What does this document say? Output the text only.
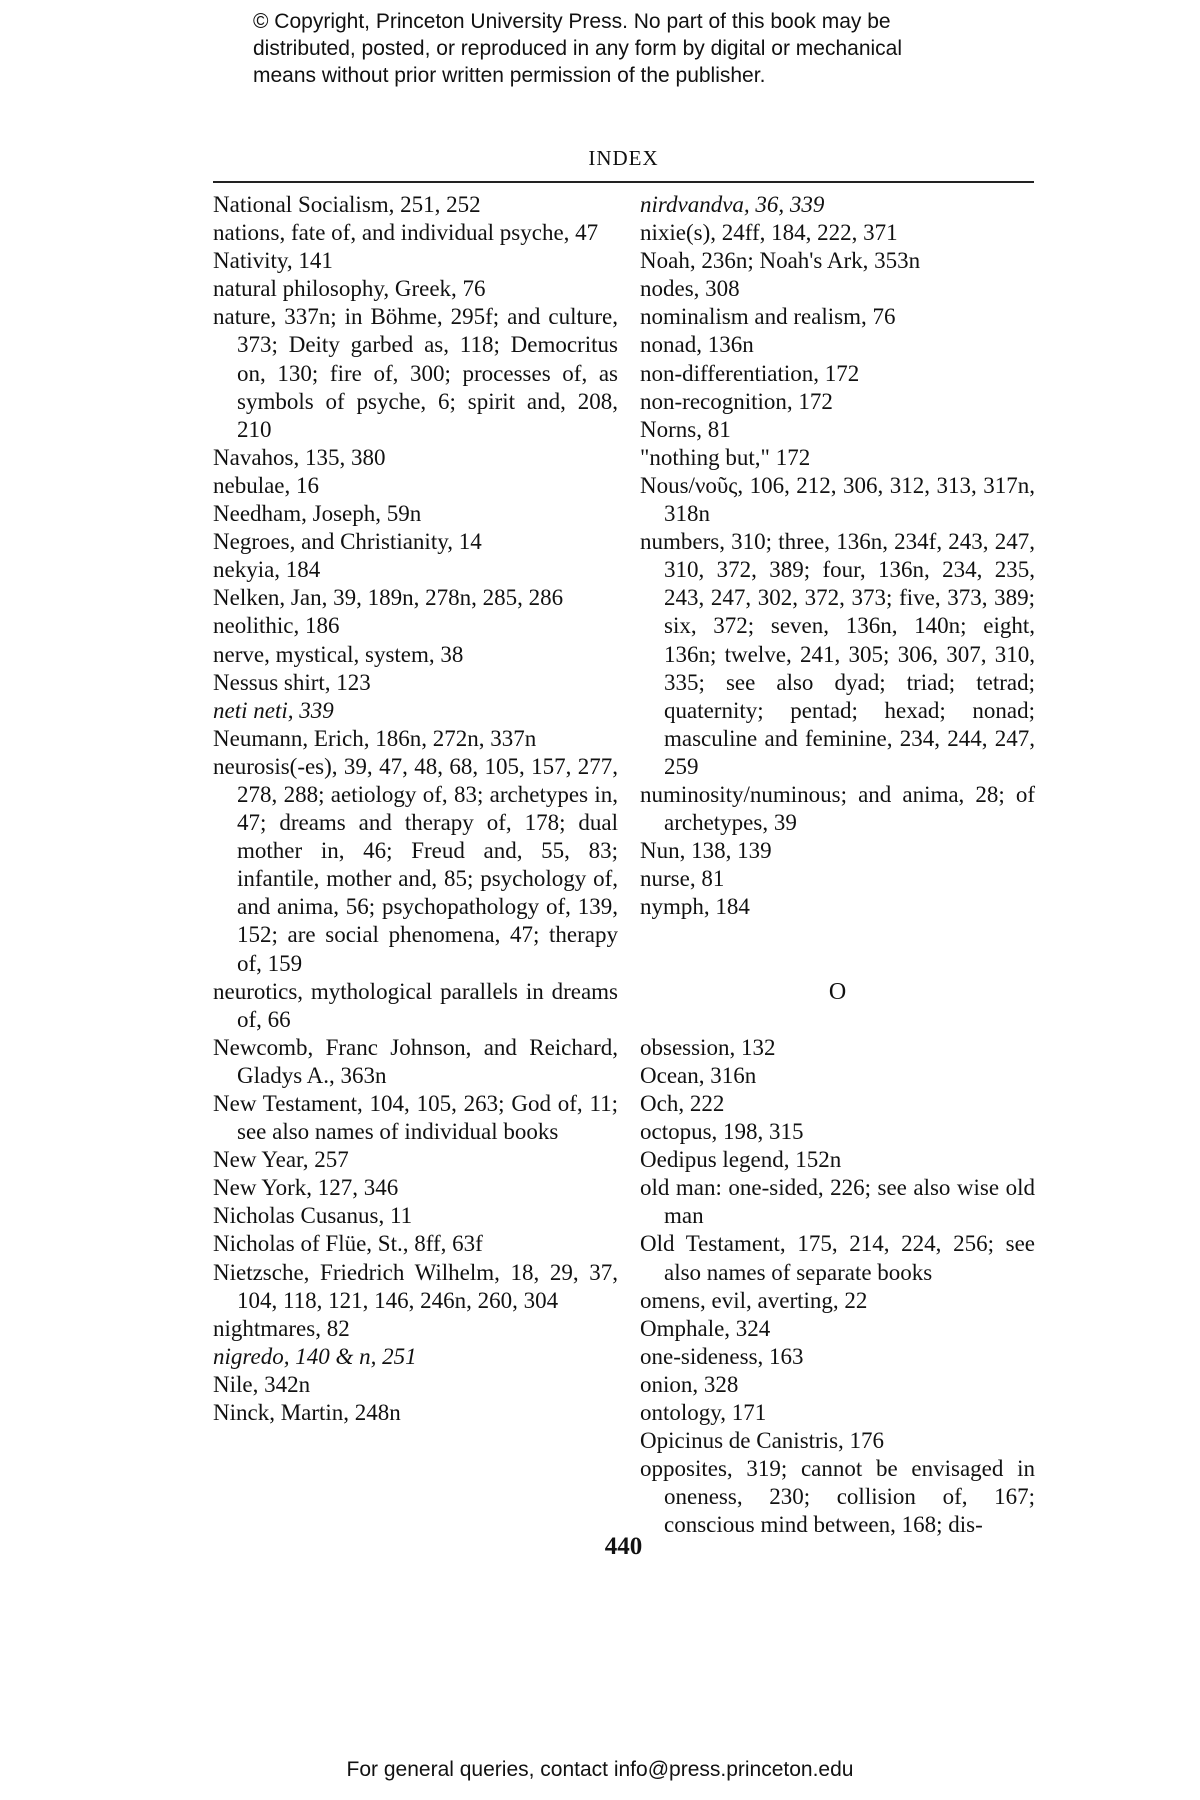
© Copyright, Princeton University Press. No part of this book may be
distributed, posted, or reproduced in any form by digital or mechanical
means without prior written permission of the publisher.
INDEX
National Socialism, 251, 252
nations, fate of, and individual psyche, 47
Nativity, 141
natural philosophy, Greek, 76
nature, 337n; in Böhme, 295f; and culture, 373; Deity garbed as, 118; Democritus on, 130; fire of, 300; processes of, as symbols of psyche, 6; spirit and, 208, 210
Navahos, 135, 380
nebulae, 16
Needham, Joseph, 59n
Negroes, and Christianity, 14
nekyia, 184
Nelken, Jan, 39, 189n, 278n, 285, 286
neolithic, 186
nerve, mystical, system, 38
Nessus shirt, 123
neti neti, 339
Neumann, Erich, 186n, 272n, 337n
neurosis(-es), 39, 47, 48, 68, 105, 157, 277, 278, 288; aetiology of, 83; archetypes in, 47; dreams and therapy of, 178; dual mother in, 46; Freud and, 55, 83; infantile, mother and, 85; psychology of, and anima, 56; psychopathology of, 139, 152; are social phenomena, 47; therapy of, 159
neurotics, mythological parallels in dreams of, 66
Newcomb, Franc Johnson, and Reichard, Gladys A., 363n
New Testament, 104, 105, 263; God of, 11; see also names of individual books
New Year, 257
New York, 127, 346
Nicholas Cusanus, 11
Nicholas of Flüe, St., 8ff, 63f
Nietzsche, Friedrich Wilhelm, 18, 29, 37, 104, 118, 121, 146, 246n, 260, 304
nightmares, 82
nigredo, 140 & n, 251
Nile, 342n
Ninck, Martin, 248n
nirdvandva, 36, 339
nixie(s), 24ff, 184, 222, 371
Noah, 236n; Noah's Ark, 353n
nodes, 308
nominalism and realism, 76
nonad, 136n
non-differentiation, 172
non-recognition, 172
Norns, 81
"nothing but," 172
Nous/νοῦς, 106, 212, 306, 312, 313, 317n, 318n
numbers, 310; three, 136n, 234f, 243, 247, 310, 372, 389; four, 136n, 234, 235, 243, 247, 302, 372, 373; five, 373, 389; six, 372; seven, 136n, 140n; eight, 136n; twelve, 241, 305; 306, 307, 310, 335; see also dyad; triad; tetrad; quaternity; pentad; hexad; nonad; masculine and feminine, 234, 244, 247, 259
numinosity/numinous; and anima, 28; of archetypes, 39
Nun, 138, 139
nurse, 81
nymph, 184
O
obsession, 132
Ocean, 316n
Och, 222
octopus, 198, 315
Oedipus legend, 152n
old man: one-sided, 226; see also wise old man
Old Testament, 175, 214, 224, 256; see also names of separate books
omens, evil, averting, 22
Omphale, 324
one-sideness, 163
onion, 328
ontology, 171
Opicinus de Canistris, 176
opposites, 319; cannot be envisaged in oneness, 230; collision of, 167; conscious mind between, 168; dis-
440
For general queries, contact info@press.princeton.edu
